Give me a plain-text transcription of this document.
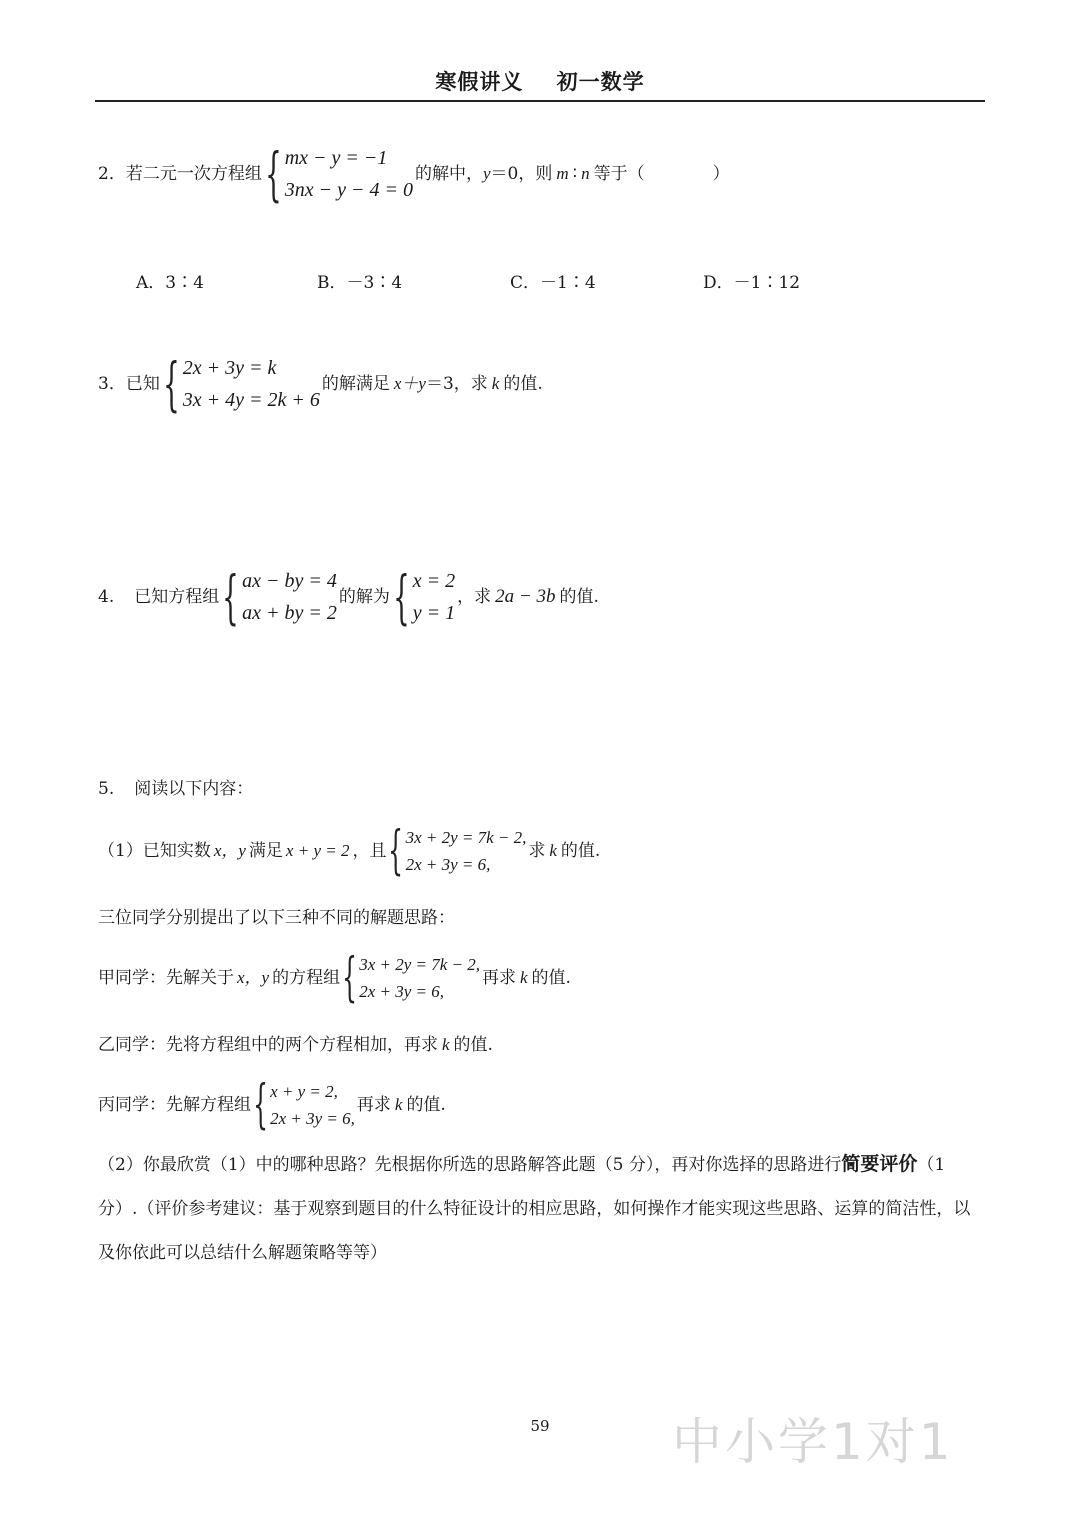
寒假讲义    初一数学
2． 若二元一次方程组 { mx − y = −1
3nx − y − 4 = 0
的解中， y ＝0，则 m ∶ n 等于（　　　　）
A．3∶4	B．－3∶4	C．－1∶4	D．－1∶12
3． 已知 { 2x + 3y = k
3x + 4y = 2k + 6
的解满足 x＋y ＝3，求 k 的值.
4. 已知方程组 { ax − by = 4
ax + by = 2
的解为 { x = 2
y = 1
，求 2a − 3b 的值.
5. 阅读以下内容：
（1）已知实数 x，y 满足 x + y = 2 ，且 { 3x + 2y = 7k − 2,
2x + 3y = 6,
求 k 的值.
三位同学分别提出了以下三种不同的解题思路：
甲同学：先解关于 x，y 的方程组 { 3x + 2y = 7k − 2,
2x + 3y = 6,
再求 k 的值.
乙同学：先将方程组中的两个方程相加，再求 k 的值.
丙同学：先解方程组 { x + y = 2,
2x + 3y = 6,
再求 k 的值.
（2）你最欣赏（1）中的哪种思路？先根据你所选的思路解答此题（5 分），再对你选择的思路进行简 ·要 ·评 ·价 ·（1 分）.（评价参考建议：基于观察到题目的什么特征设计的相应思路，如何操作才能实现这些思路、运算的简洁性，以及你依此可以总结什么解题策略等等）
59	中小学1对1
